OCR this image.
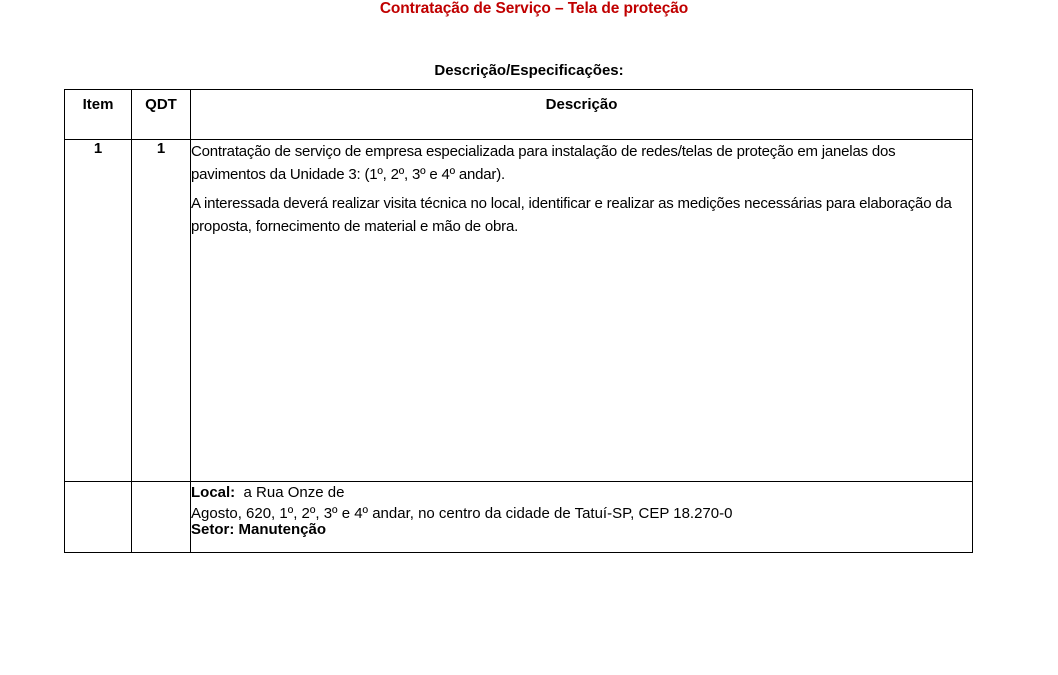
Contratação de Serviço – Tela de proteção
Descrição/Especificações:
Item	QDT	Descrição
1	1	Contratação de serviço de empresa especializada para instalação de redes/telas de proteção em janelas dos pavimentos da Unidade 3: (1º, 2º, 3º e 4º andar).

A interessada deverá realizar visita técnica no local, identificar e realizar as medições necessárias para elaboração da proposta, fornecimento de material e mão de obra.

		Local: a Rua Onze de
Agosto, 620, 1º, 2º, 3º e 4º andar, no centro da cidade de Tatuí-SP, CEP 18.270-0
Setor: Manutenção
